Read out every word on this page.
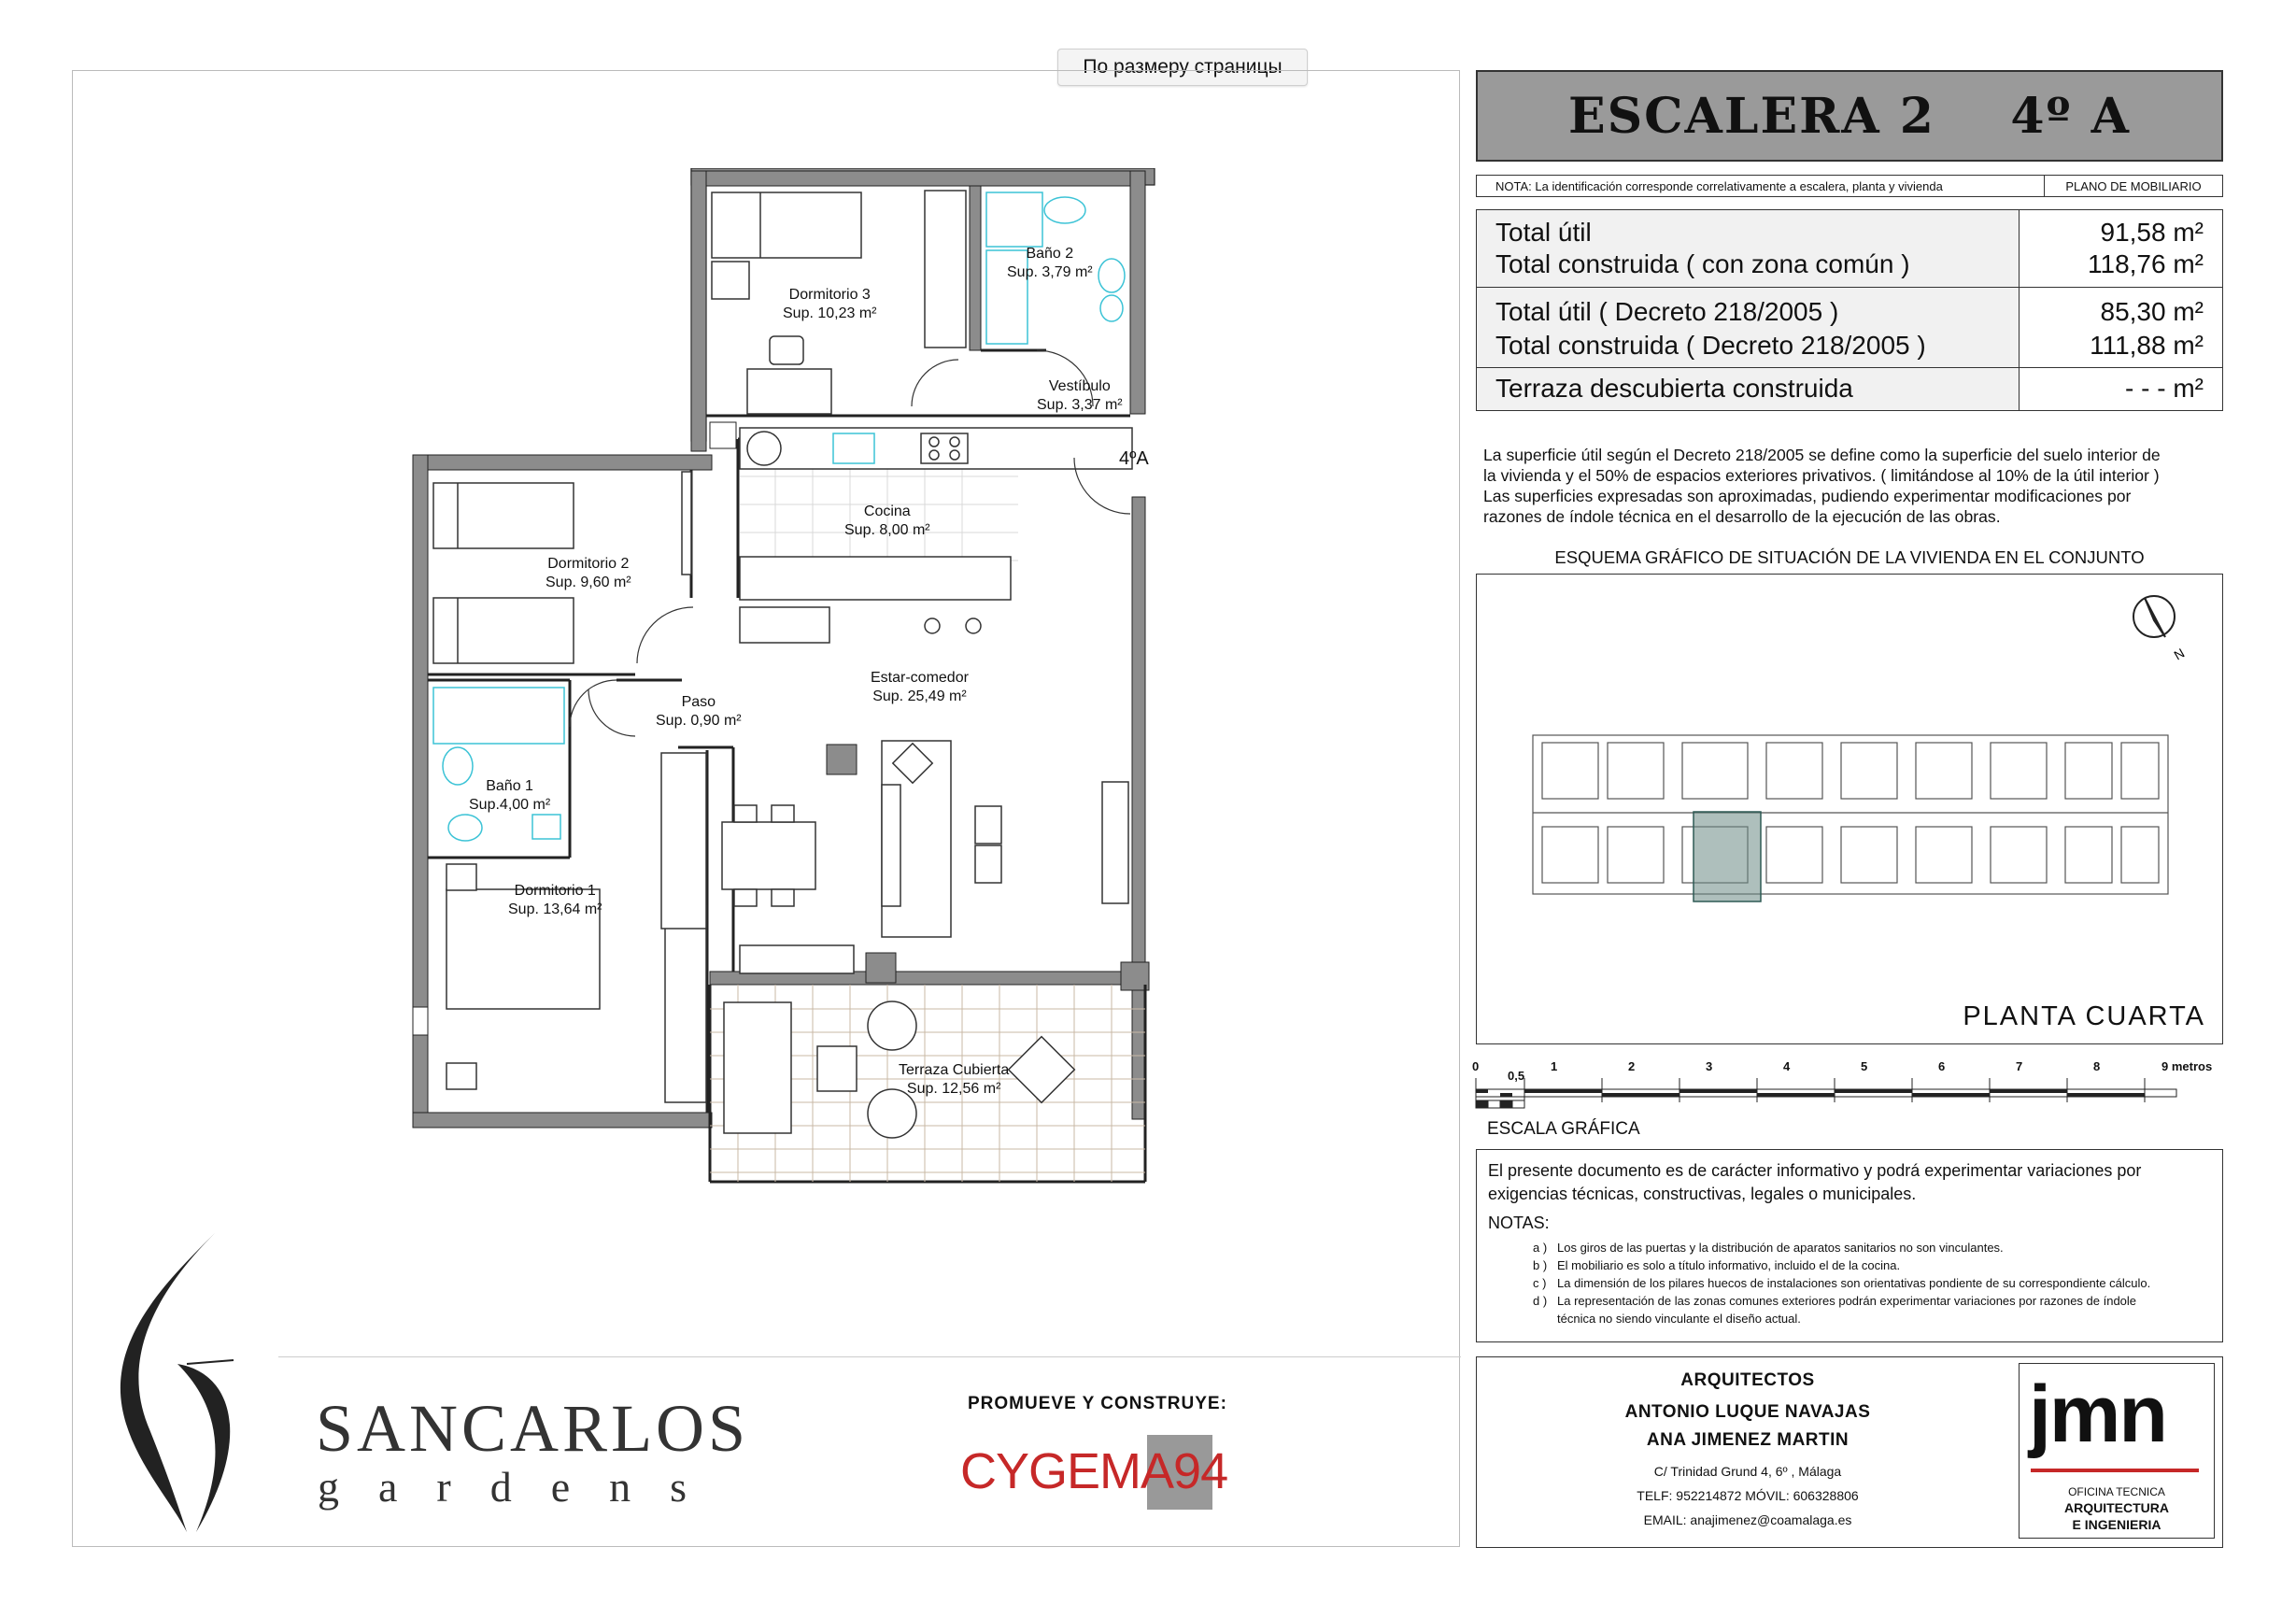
По размеру страницы
Dormitorio 3
Sup. 10,23 m²
Baño 2
Sup. 3,79 m²
Vestíbulo
Sup. 3,37 m²
Cocina
Sup. 8,00 m²
Dormitorio 2
Sup. 9,60 m²
Estar-comedor
Sup. 25,49 m²
Paso
Sup. 0,90 m²
Baño 1
Sup.4,00 m²
Dormitorio 1
Sup. 13,64 m²
Terraza Cubierta
Sup. 12,56 m²
4ºA
SANCARLOS
gardens
PROMUEVE Y CONSTRUYE:
CYGEMA94
ESCALERA 2    4º A
NOTA: La identificación corresponde correlativamente a escalera, planta y vivienda	PLANO DE MOBILIARIO
Total útil	91,58 m²
Total construida ( con zona común )	118,76 m²
Total útil ( Decreto 218/2005 )	85,30 m²
Total construida ( Decreto 218/2005 )	111,88 m²
Terraza descubierta construida	- - - m²
La superficie útil según el Decreto 218/2005 se define como la superficie del suelo interior de
la vivienda y el 50% de espacios exteriores privativos. ( limitándose al 10% de la útil interior )
Las superficies expresadas son aproximadas, pudiendo experimentar modificaciones por
razones de índole técnica en el desarrollo de la ejecución de las obras.
ESQUEMA GRÁFICO DE SITUACIÓN DE LA VIVIENDA EN EL CONJUNTO
N
PLANTA CUARTA
0
0,5
1	2	3	4	5	6	7	8	9 metros
ESCALA GRÁFICA
El presente documento es de carácter informativo y podrá experimentar variaciones por exigencias técnicas, constructivas, legales o municipales.
NOTAS:
a ) Los giros de las puertas y la distribución de aparatos sanitarios no son vinculantes.
b ) El mobiliario es solo a título informativo, incluido el de la cocina.
c ) La dimensión de los pilares huecos de instalaciones son orientativas pondiente de su correspondiente cálculo.
d ) La representación de las zonas comunes exteriores podrán experimentar variaciones por razones de índole
técnica no siendo vinculante el diseño actual.
ARQUITECTOS
ANTONIO LUQUE NAVAJAS
ANA JIMENEZ MARTIN
C/ Trinidad Grund 4, 6º , Málaga
TELF: 952214872 MÓVIL: 606328806
EMAIL: anajimenez@coamalaga.es
jmn
OFICINA TECNICA
ARQUITECTURA
E INGENIERIA
